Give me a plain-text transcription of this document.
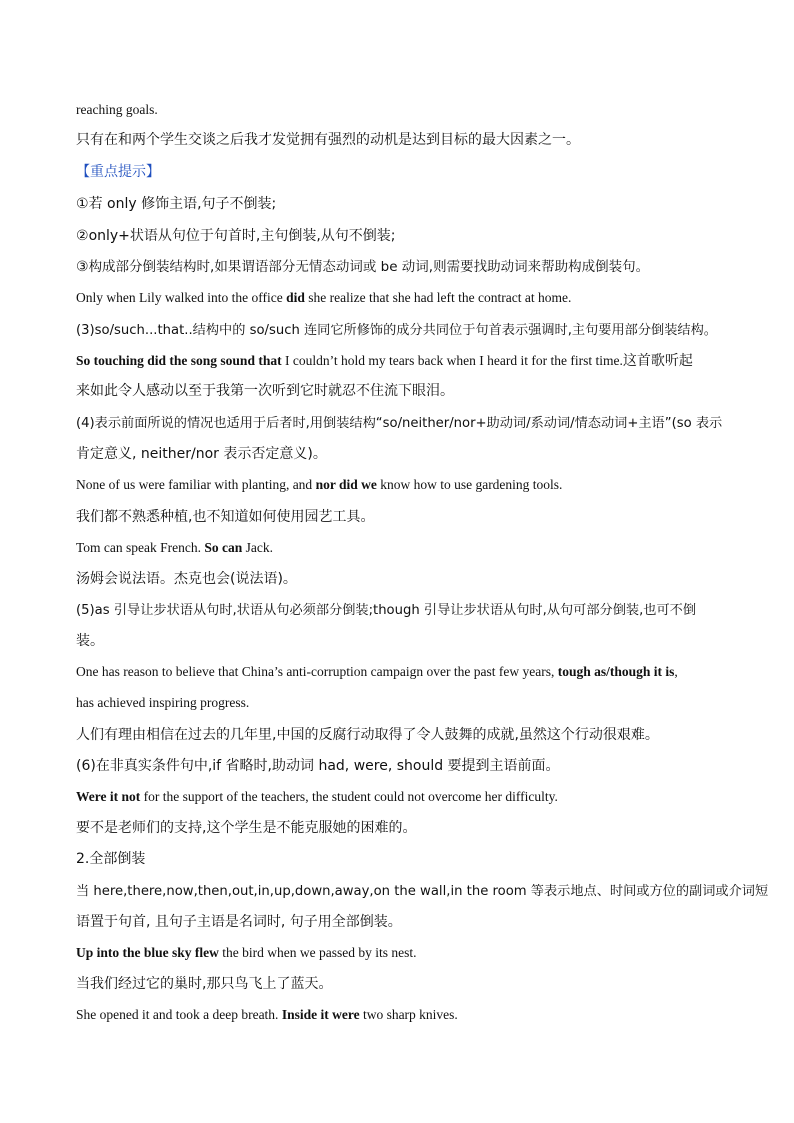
reaching goals.
只有在和两个学生交谈之后我才发觉拥有强烈的动机是达到目标的最大因素之一。
【重点提示】
①若 only 修饰主语,句子不倒装;
②only+状语从句位于句首时,主句倒装,从句不倒装;
③构成部分倒装结构时,如果谓语部分无情态动词或 be 动词,则需要找助动词来帮助构成倒装句。
Only when Lily walked into the office did she realize that she had left the contract at home.
(3)so/such...that..结构中的 so/such 连同它所修饰的成分共同位于句首表示强调时,主句要用部分倒装结构。
So touching did the song sound that I couldn’t hold my tears back when I heard it for the first time.这首歌听起
来如此令人感动以至于我第一次听到它时就忍不住流下眼泪。
(4)表示前面所说的情况也适用于后者时,用倒装结构“so/neither/nor+助动词/系动词/情态动词+主语”(so 表示
肯定意义, neither/nor 表示否定意义)。
None of us were familiar with planting, and nor did we know how to use gardening tools.
我们都不熟悉种植,也不知道如何使用园艺工具。
Tom can speak French. So can Jack.
汤姆会说法语。杰克也会(说法语)。
(5)as 引导让步状语从句时,状语从句必须部分倒装;though 引导让步状语从句时,从句可部分倒装,也可不倒
装。
One has reason to believe that China’s anti-corruption campaign over the past few years, tough as/though it is,
has achieved inspiring progress.
人们有理由相信在过去的几年里,中国的反腐行动取得了令人鼓舞的成就,虽然这个行动很艰难。
(6)在非真实条件句中,if 省略时,助动词 had, were, should 要提到主语前面。
Were it not for the support of the teachers, the student could not overcome her difficulty.
要不是老师们的支持,这个学生是不能克服她的困难的。
2.全部倒装
当 here,there,now,then,out,in,up,down,away,on the wall,in the room 等表示地点、时间或方位的副词或介词短
语置于句首, 且句子主语是名词时, 句子用全部倒装。
Up into the blue sky flew the bird when we passed by its nest.
当我们经过它的巢时,那只鸟飞上了蓝天。
She opened it and took a deep breath. Inside it were two sharp knives.
